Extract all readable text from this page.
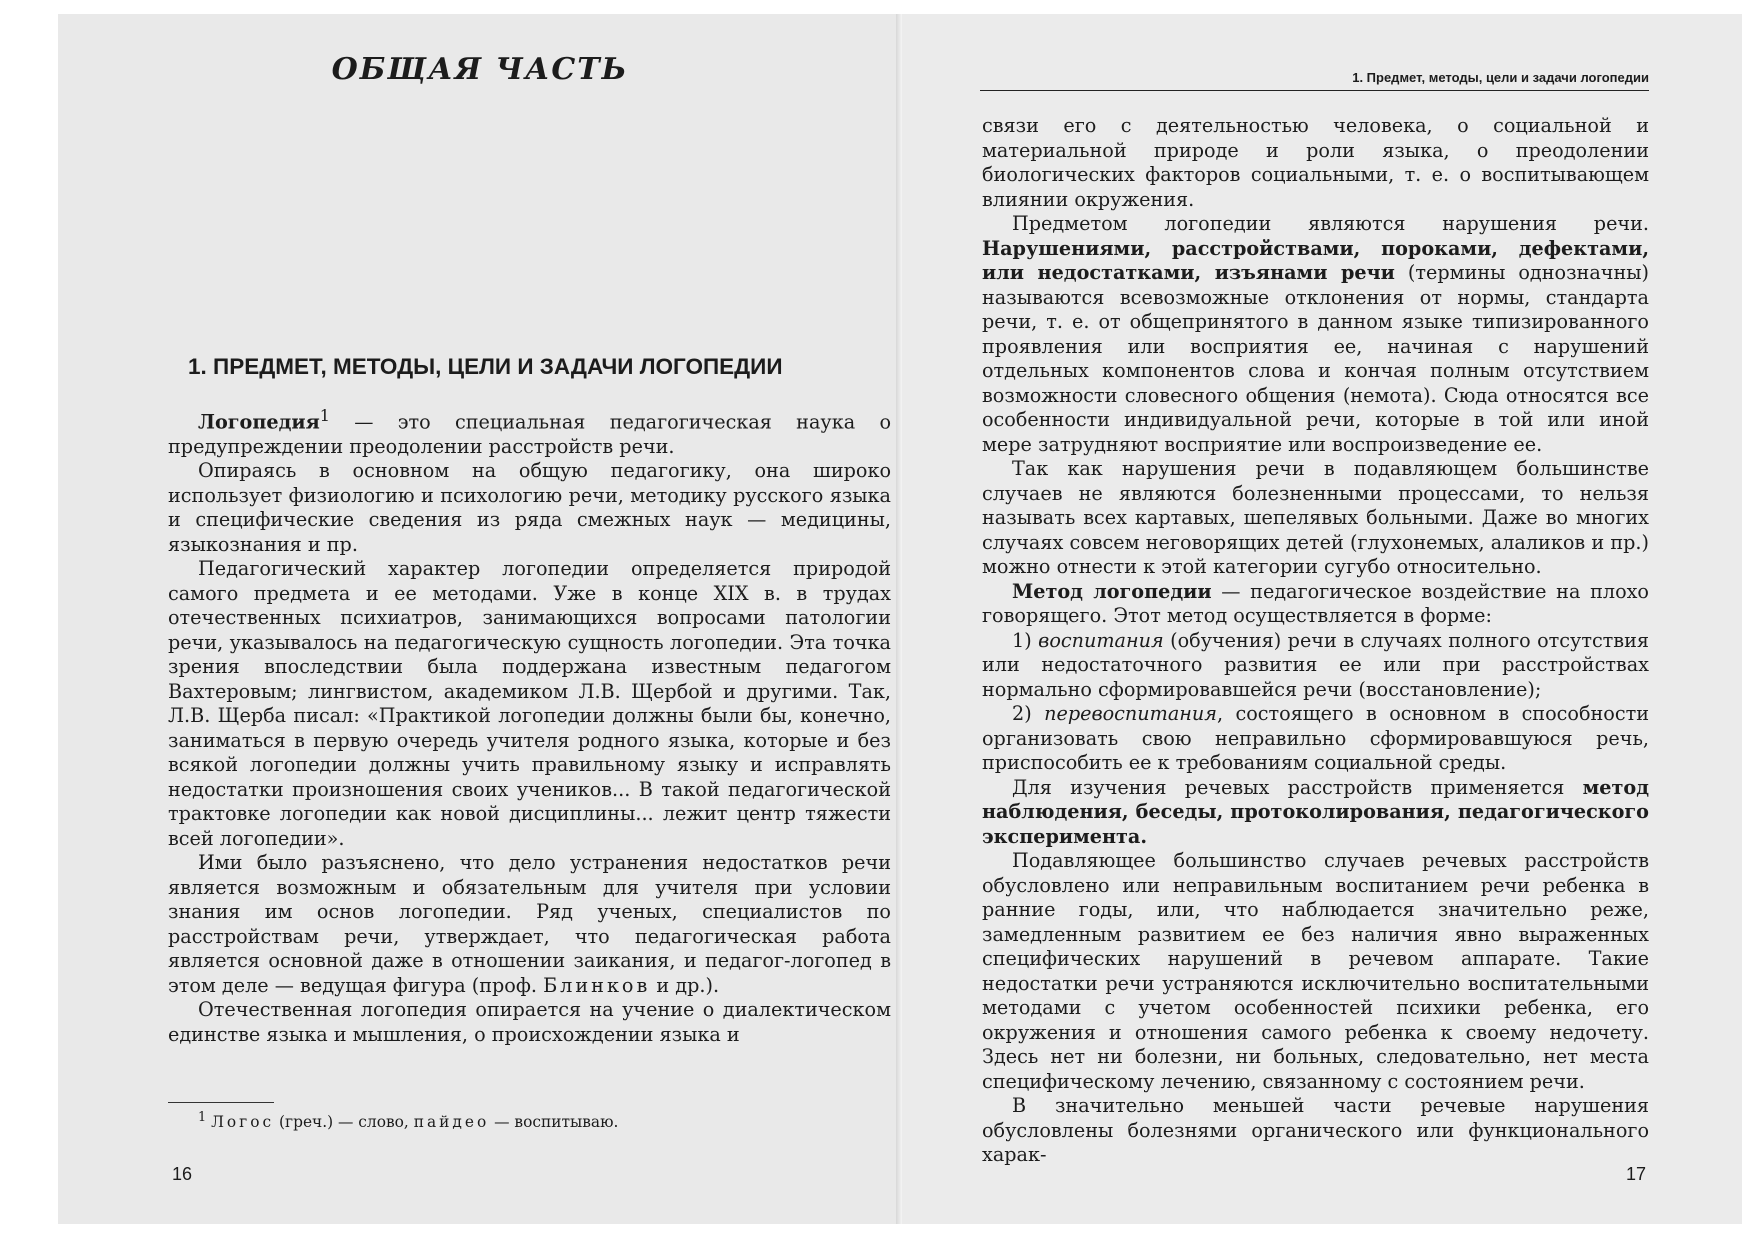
ОБЩАЯ ЧАСТЬ
1. ПРЕДМЕТ, МЕТОДЫ, ЦЕЛИ И ЗАДАЧИ ЛОГОПЕДИИ

Логопедия$^1$ — это специальная педагогическая наука о предупреждении преодолении расстройств речи.

Опираясь в основном на общую педагогику, она широко использует физиологию и психологию речи, методику русского языка и специфические сведения из ряда смежных наук — медицины, языкознания и пр.

Педагогический характер логопедии определяется природой самого предмета и ее методами. Уже в конце XIX в. в трудах отечественных психиатров, занимающихся вопросами патологии речи, указывалось на педагогическую сущность логопедии. Эта точка зрения впоследствии была поддержана известным педагогом Вахтеровым; лингвистом, академиком Л.В. Щербой и другими. Так, Л.В. Щерба писал: «Практикой логопедии должны были бы, конечно, заниматься в первую очередь учителя родного языка, которые и без всякой логопедии должны учить правильному языку и исправлять недостатки произношения своих учеников... В такой педагогической трактовке логопедии как новой дисциплины... лежит центр тяжести всей логопедии».

Ими было разъяснено, что дело устранения недостатков речи является возможным и обязательным для учителя при условии знания им основ логопедии. Ряд ученых, специалистов по расстройствам речи, утверждает, что педагогическая работа является основной даже в отношении заикания, и педагог-логопед в этом деле — ведущая фигура (проф. Блинков и др.).

Отечественная логопедия опирается на учение о диалектическом единстве языка и мышления, о происхождении языка и

$^1$ Логос (греч.) — слово, пайдео — воспитываю.
16
1. Предмет, методы, цели и задачи логопедии

связи его с деятельностью человека, о социальной и материальной природе и роли языка, о преодолении биологических факторов социальными, т. е. о воспитывающем влиянии окружения.

Предметом логопедии являются нарушения речи. Нарушениями, расстройствами, пороками, дефектами, или недостатками, изъянами речи (термины однозначны) называются всевозможные отклонения от нормы, стандарта речи, т. е. от общепринятого в данном языке типизированного проявления или восприятия ее, начиная с нарушений отдельных компонентов слова и кончая полным отсутствием возможности словесного общения (немота). Сюда относятся все особенности индивидуальной речи, которые в той или иной мере затрудняют восприятие или воспроизведение ее.

Так как нарушения речи в подавляющем большинстве случаев не являются болезненными процессами, то нельзя называть всех картавых, шепелявых больными. Даже во многих случаях совсем неговорящих детей (глухонемых, алаликов и пр.) можно отнести к этой категории сугубо относительно.

Метод логопедии — педагогическое воздействие на плохо говорящего. Этот метод осуществляется в форме:

1) воспитания (обучения) речи в случаях полного отсутствия или недостаточного развития ее или при расстройствах нормально сформировавшейся речи (восстановление);

2) перевоспитания, состоящего в основном в способности организовать свою неправильно сформировавшуюся речь, приспособить ее к требованиям социальной среды.

Для изучения речевых расстройств применяется метод наблюдения, беседы, протоколирования, педагогического эксперимента.

Подавляющее большинство случаев речевых расстройств обусловлено или неправильным воспитанием речи ребенка в ранние годы, или, что наблюдается значительно реже, замедленным развитием ее без наличия явно выраженных специфических нарушений в речевом аппарате. Такие недостатки речи устраняются исключительно воспитательными методами с учетом особенностей психики ребенка, его окружения и отношения самого ребенка к своему недочету. Здесь нет ни болезни, ни больных, следовательно, нет места специфическому лечению, связанному с состоянием речи.

В значительно меньшей части речевые нарушения обусловлены болезнями органического или функционального харак-

17
